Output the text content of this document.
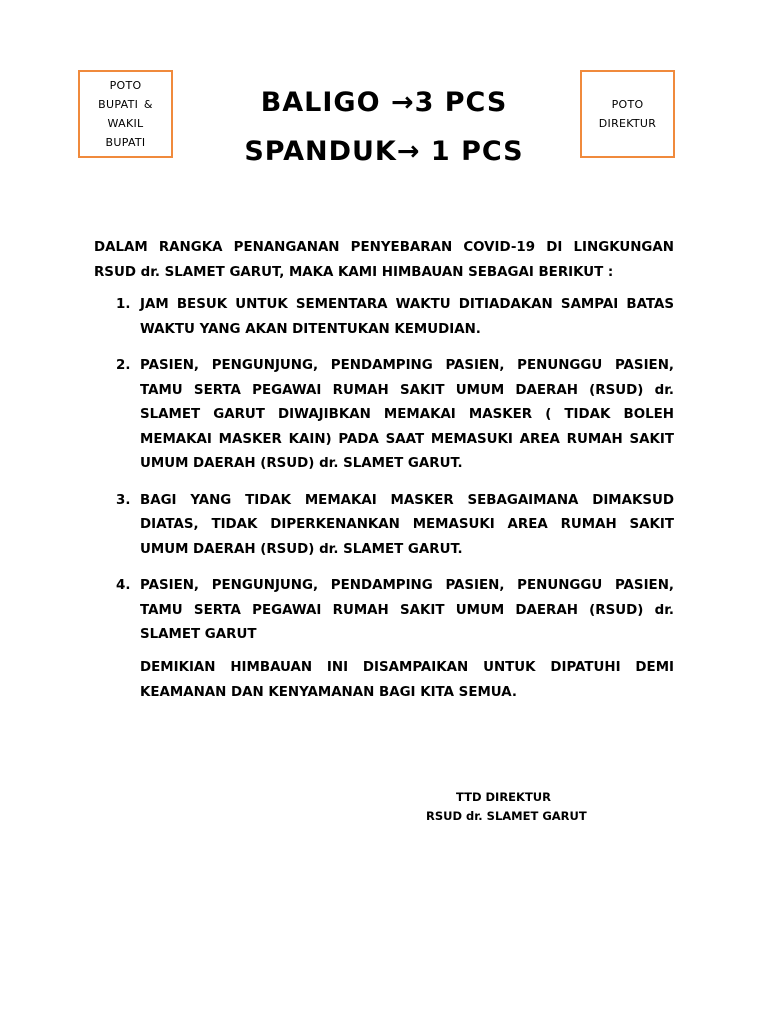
POTO BUPATI & WAKIL BUPATI
POTO DIREKTUR
BALIGO →3 PCS
SPANDUK→ 1 PCS
DALAM RANGKA PENANGANAN PENYEBARAN COVID-19 DI LINGKUNGAN RSUD dr. SLAMET GARUT, MAKA KAMI HIMBAUAN SEBAGAI BERIKUT :
1. JAM BESUK UNTUK SEMENTARA WAKTU DITIADAKAN SAMPAI BATAS WAKTU YANG AKAN DITENTUKAN KEMUDIAN.
2. PASIEN, PENGUNJUNG, PENDAMPING PASIEN, PENUNGGU PASIEN, TAMU SERTA PEGAWAI RUMAH SAKIT UMUM DAERAH (RSUD) dr. SLAMET GARUT DIWAJIBKAN MEMAKAI MASKER ( TIDAK BOLEH MEMAKAI MASKER KAIN) PADA SAAT MEMASUKI AREA RUMAH SAKIT UMUM DAERAH (RSUD) dr. SLAMET GARUT.
3. BAGI YANG TIDAK MEMAKAI MASKER SEBAGAIMANA DIMAKSUD DIATAS, TIDAK DIPERKENANKAN MEMASUKI AREA RUMAH SAKIT UMUM DAERAH (RSUD) dr. SLAMET GARUT.
4. PASIEN, PENGUNJUNG, PENDAMPING PASIEN, PENUNGGU PASIEN, TAMU SERTA PEGAWAI RUMAH SAKIT UMUM DAERAH (RSUD) dr. SLAMET GARUT
DEMIKIAN HIMBAUAN INI DISAMPAIKAN UNTUK DIPATUHI DEMI KEAMANAN DAN KENYAMANAN BAGI KITA SEMUA.
TTD DIREKTUR
RSUD dr. SLAMET GARUT
